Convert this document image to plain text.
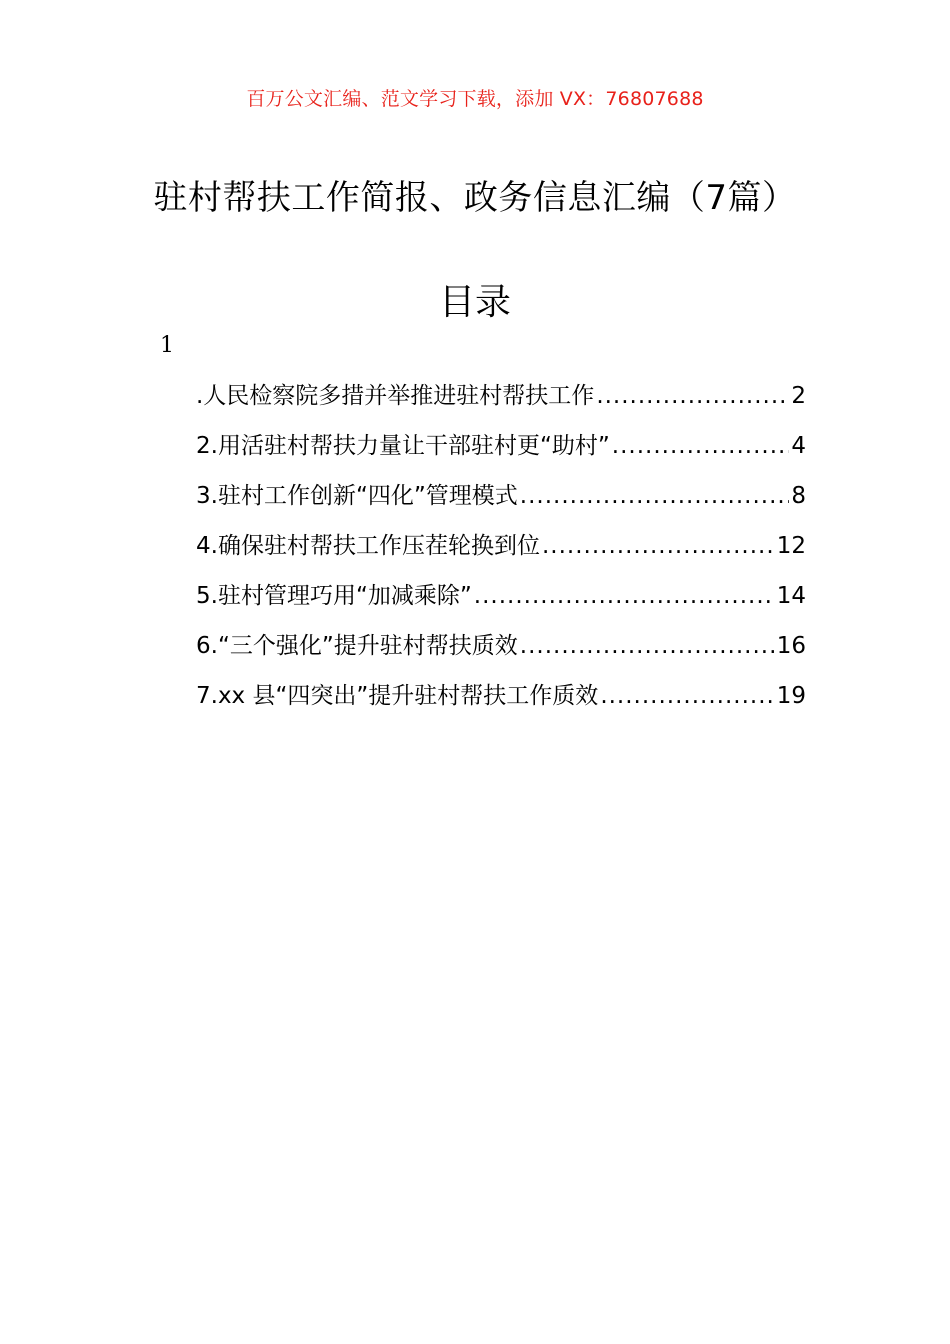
百万公文汇编、范文学习下载，添加 VX：76807688
驻村帮扶工作简报、政务信息汇编（7篇）
目录
1
.人民检察院多措并举推进驻村帮扶工作 .....	2
2.用活驻村帮扶力量让干部驻村更“助村” .....	4
3.驻村工作创新“四化”管理模式 .....	8
4.确保驻村帮扶工作压茬轮换到位 .....	12
5.驻村管理巧用“加减乘除” .....	14
6.“三个强化”提升驻村帮扶质效 .....	16
7.xx 县“四突出”提升驻村帮扶工作质效 .....	19
